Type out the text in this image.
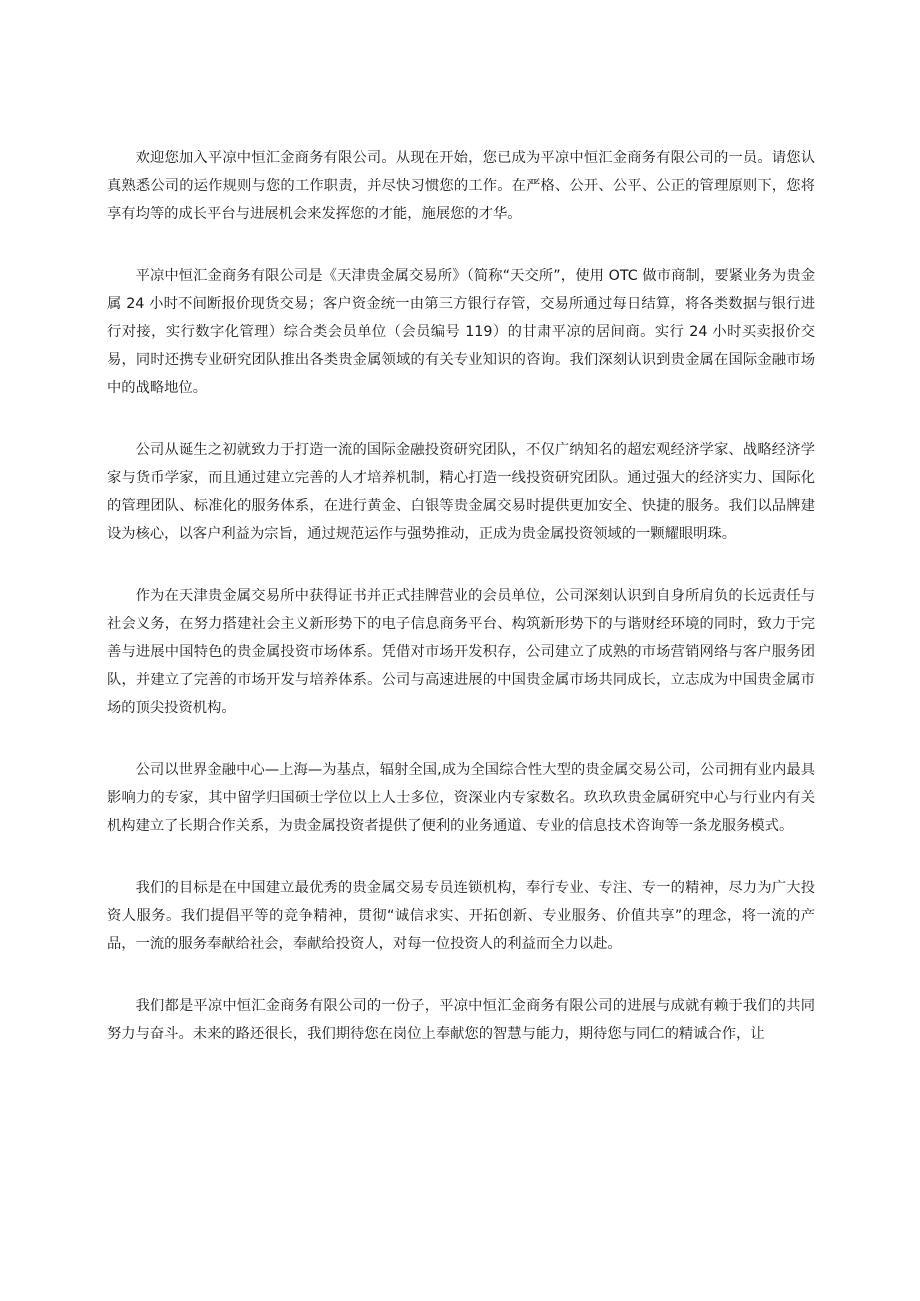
欢迎您加入平凉中恒汇金商务有限公司。从现在开始，您已成为平凉中恒汇金商务有限公司的一员。请您认真熟悉公司的运作规则与您的工作职责，并尽快习惯您的工作。在严格、公开、公平、公正的管理原则下，您将享有均等的成长平台与进展机会来发挥您的才能，施展您的才华。

平凉中恒汇金商务有限公司是《天津贵金属交易所》（简称“天交所”，使用 OTC 做市商制，要紧业务为贵金属 24 小时不间断报价现货交易；客户资金统一由第三方银行存管，交易所通过每日结算，将各类数据与银行进行对接，实行数字化管理）综合类会员单位（会员编号 119）的甘肃平凉的居间商。实行 24 小时买卖报价交易，同时还携专业研究团队推出各类贵金属领域的有关专业知识的咨询。我们深刻认识到贵金属在国际金融市场中的战略地位。

公司从诞生之初就致力于打造一流的国际金融投资研究团队，不仅广纳知名的超宏观经济学家、战略经济学家与货币学家，而且通过建立完善的人才培养机制，精心打造一线投资研究团队。通过强大的经济实力、国际化的管理团队、标准化的服务体系，在进行黄金、白银等贵金属交易时提供更加安全、快捷的服务。我们以品牌建设为核心，以客户利益为宗旨，通过规范运作与强势推动，正成为贵金属投资领域的一颗耀眼明珠。

作为在天津贵金属交易所中获得证书并正式挂牌营业的会员单位，公司深刻认识到自身所肩负的长远责任与社会义务，在努力搭建社会主义新形势下的电子信息商务平台、构筑新形势下的与谐财经环境的同时，致力于完善与进展中国特色的贵金属投资市场体系。凭借对市场开发积存，公司建立了成熟的市场营销网络与客户服务团队，并建立了完善的市场开发与培养体系。公司与高速进展的中国贵金属市场共同成长，立志成为中国贵金属市场的顶尖投资机构。

公司以世界金融中心—上海—为基点，辐射全国,成为全国综合性大型的贵金属交易公司，公司拥有业内最具影响力的专家，其中留学归国硕士学位以上人士多位，资深业内专家数名。玖玖玖贵金属研究中心与行业内有关机构建立了长期合作关系，为贵金属投资者提供了便利的业务通道、专业的信息技术咨询等一条龙服务模式。

我们的目标是在中国建立最优秀的贵金属交易专员连锁机构，奉行专业、专注、专一的精神，尽力为广大投资人服务。我们提倡平等的竞争精神，贯彻“诚信求实、开拓创新、专业服务、价值共享”的理念，将一流的产品，一流的服务奉献给社会，奉献给投资人，对每一位投资人的利益而全力以赴。

我们都是平凉中恒汇金商务有限公司的一份子，平凉中恒汇金商务有限公司的进展与成就有赖于我们的共同努力与奋斗。未来的路还很长，我们期待您在岗位上奉献您的智慧与能力，期待您与同仁的精诚合作，让
